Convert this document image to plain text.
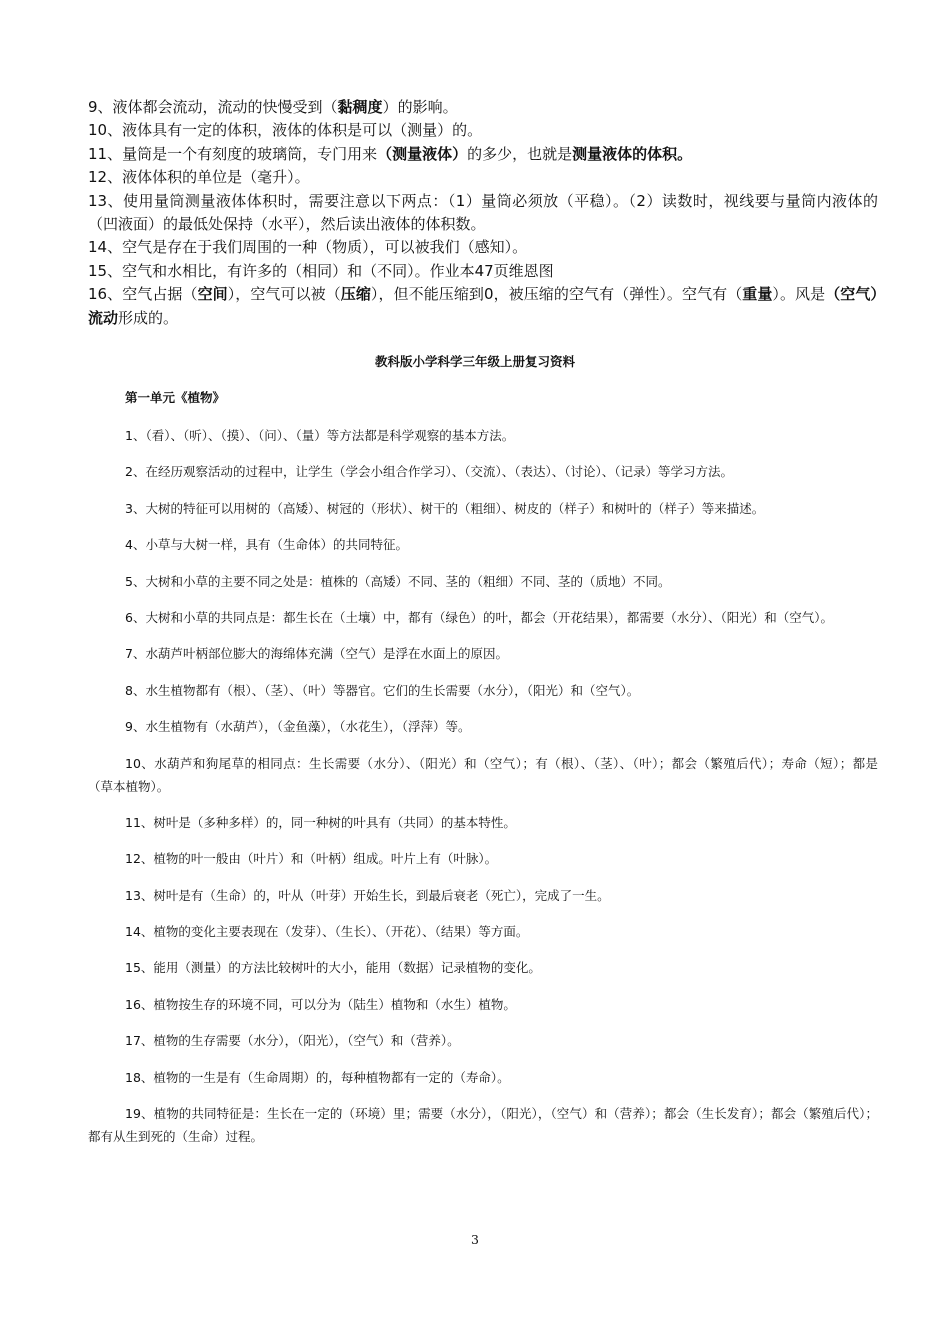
9、液体都会流动，流动的快慢受到（黏稠度）的影响。

10、液体具有一定的体积，液体的体积是可以（测量）的。

11、量筒是一个有刻度的玻璃筒，专门用来（测量液体）的多少，也就是测量液体的体积。

12、液体体积的单位是（毫升）。

13、使用量筒测量液体体积时，需要注意以下两点：（1）量筒必须放（平稳）。（2）读数时，视线要与量筒内液体的（凹液面）的最低处保持（水平），然后读出液体的体积数。

14、空气是存在于我们周围的一种（物质），可以被我们（感知）。

15、空气和水相比，有许多的（相同）和（不同）。作业本47页维恩图

16、空气占据（空间），空气可以被（压缩），但不能压缩到0，被压缩的空气有（弹性）。空气有（重量）。风是（空气）流动形成的。

教科版小学科学三年级上册复习资料
第一单元《植物》

1、（看）、（听）、（摸）、（问）、（量）等方法都是科学观察的基本方法。

2、在经历观察活动的过程中，让学生（学会小组合作学习）、（交流）、（表达）、（讨论）、（记录）等学习方法。

3、大树的特征可以用树的（高矮）、树冠的（形状）、树干的（粗细）、树皮的（样子）和树叶的（样子）等来描述。

4、小草与大树一样，具有（生命体）的共同特征。

5、大树和小草的主要不同之处是：植株的（高矮）不同、茎的（粗细）不同、茎的（质地）不同。

6、大树和小草的共同点是：都生长在（土壤）中，都有（绿色）的叶，都会（开花结果），都需要（水分）、（阳光）和（空气）。

7、水葫芦叶柄部位膨大的海绵体充满（空气）是浮在水面上的原因。

8、水生植物都有（根）、（茎）、（叶）等器官。它们的生长需要（水分），（阳光）和（空气）。

9、水生植物有（水葫芦），（金鱼藻），（水花生），（浮萍）等。

10、水葫芦和狗尾草的相同点：生长需要（水分）、（阳光）和（空气）；有（根）、（茎）、（叶）；都会（繁殖后代）；寿命（短）；都是（草本植物）。

11、树叶是（多种多样）的，同一种树的叶具有（共同）的基本特性。

12、植物的叶一般由（叶片）和（叶柄）组成。叶片上有（叶脉）。

13、树叶是有（生命）的，叶从（叶芽）开始生长，到最后衰老（死亡），完成了一生。

14、植物的变化主要表现在（发芽）、（生长）、（开花）、（结果）等方面。

15、能用（测量）的方法比较树叶的大小，能用（数据）记录植物的变化。

16、植物按生存的环境不同，可以分为（陆生）植物和（水生）植物。

17、植物的生存需要（水分），（阳光），（空气）和（营养）。

18、植物的一生是有（生命周期）的，每种植物都有一定的（寿命）。

19、植物的共同特征是：生长在一定的（环境）里；需要（水分），（阳光），（空气）和（营养）；都会（生长发育）；都会（繁殖后代）；都有从生到死的（生命）过程。

3
